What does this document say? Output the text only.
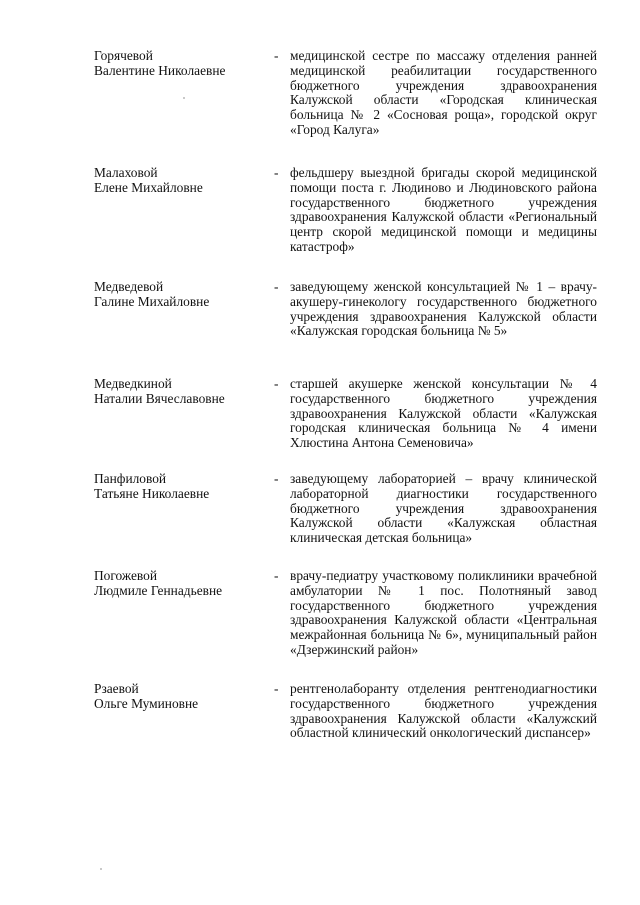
Горячевой
Валентине Николаевне
- медицинской сестре по массажу отделения ранней медицинской реабилитации государственного бюджетного учреждения здравоохранения Калужской области «Городская клиническая больница № 2 «Сосновая роща», городской округ «Город Калуга»
Малаховой
Елене Михайловне
- фельдшеру выездной бригады скорой медицинской помощи поста г. Людиново и Людиновского района государственного бюджетного учреждения здравоохранения Калужской области «Региональный центр скорой медицинской помощи и медицины катастроф»
Медведевой
Галине Михайловне
- заведующему женской консультацией № 1 – врачу-акушеру-гинекологу государственного бюджетного учреждения здравоохранения Калужской области «Калужская городская больница № 5»
Медведкиной
Наталии Вячеславовне
- старшей акушерке женской консультации № 4 государственного бюджетного учреждения здравоохранения Калужской области «Калужская городская клиническая больница № 4 имени Хлюстина Антона Семеновича»
Панфиловой
Татьяне Николаевне
- заведующему лабораторией – врачу клинической лабораторной диагностики государственного бюджетного учреждения здравоохранения Калужской области «Калужская областная клиническая детская больница»
Погожевой
Людмиле Геннадьевне
- врачу-педиатру участковому поликлиники врачебной амбулатории № 1 пос. Полотняный завод государственного бюджетного учреждения здравоохранения Калужской области «Центральная межрайонная больница № 6», муниципальный район «Дзержинский район»
Рзаевой
Ольге Муминовне
- рентгенолаборанту отделения рентгенодиагностики государственного бюджетного учреждения здравоохранения Калужской области «Калужский областной клинический онкологический диспансер»
